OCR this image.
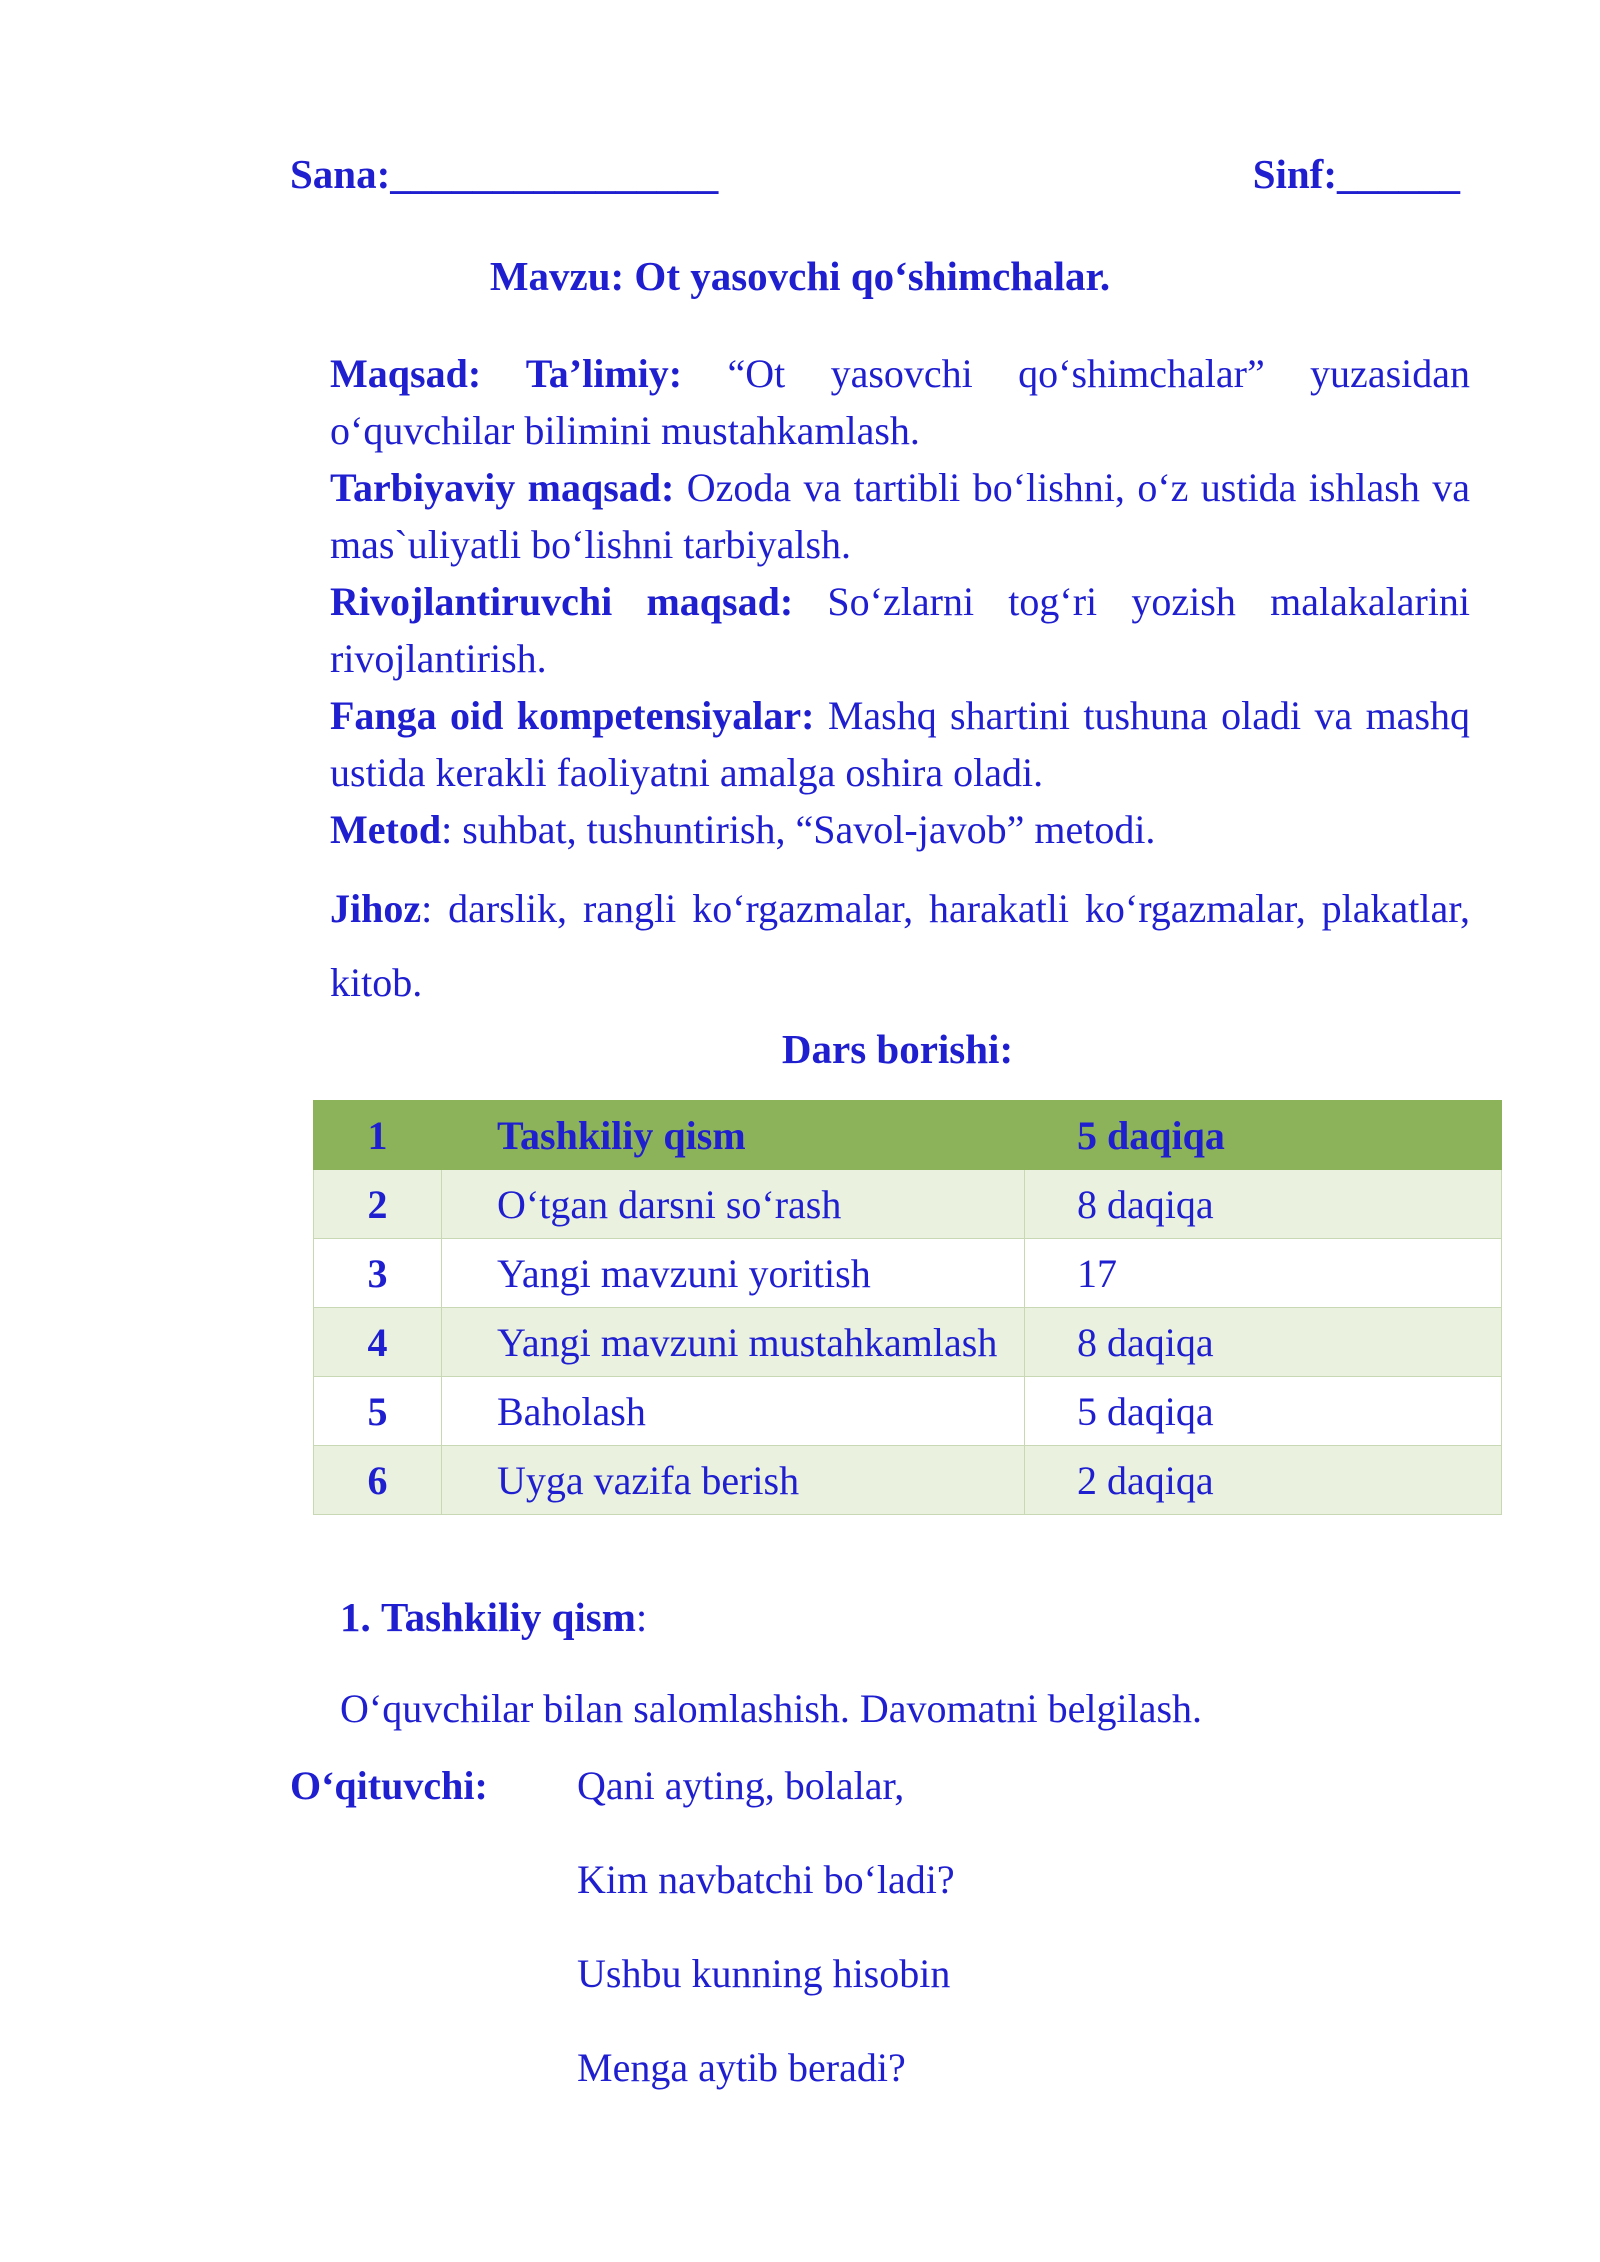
Sana:________________	Sinf:______
Mavzu: Ot yasovchi qo‘shimchalar.

Maqsad: Ta’limiy: “Ot yasovchi qo‘shimchalar” yuzasidan o‘quvchilar bilimini mustahkamlash.

Tarbiyaviy maqsad: Ozoda va tartibli bo‘lishni, o‘z ustida ishlash va mas`uliyatli bo‘lishni tarbiyalsh.

Rivojlantiruvchi maqsad: So‘zlarni tog‘ri yozish malakalarini rivojlantirish.

Fanga oid kompetensiyalar: Mashq shartini tushuna oladi va mashq ustida kerakli faoliyatni amalga oshira oladi.

Metod: suhbat, tushuntirish, “Savol-javob” metodi.

Jihoz: darslik, rangli ko‘rgazmalar, harakatli ko‘rgazmalar, plakatlar, kitob.

Dars borishi:
1	Tashkiliy qism	5 daqiqa
2	O‘tgan darsni so‘rash	8 daqiqa
3	Yangi mavzuni yoritish	17
4	Yangi mavzuni mustahkamlash	8 daqiqa
5	Baholash	5 daqiqa
6	Uyga vazifa berish	2 daqiqa
1. Tashkiliy qism:
O‘quvchilar bilan salomlashish. Davomatni belgilash.
O‘qituvchi: Qani ayting, bolalar,
Kim navbatchi bo‘ladi?
Ushbu kunning hisobin
Menga aytib beradi?
